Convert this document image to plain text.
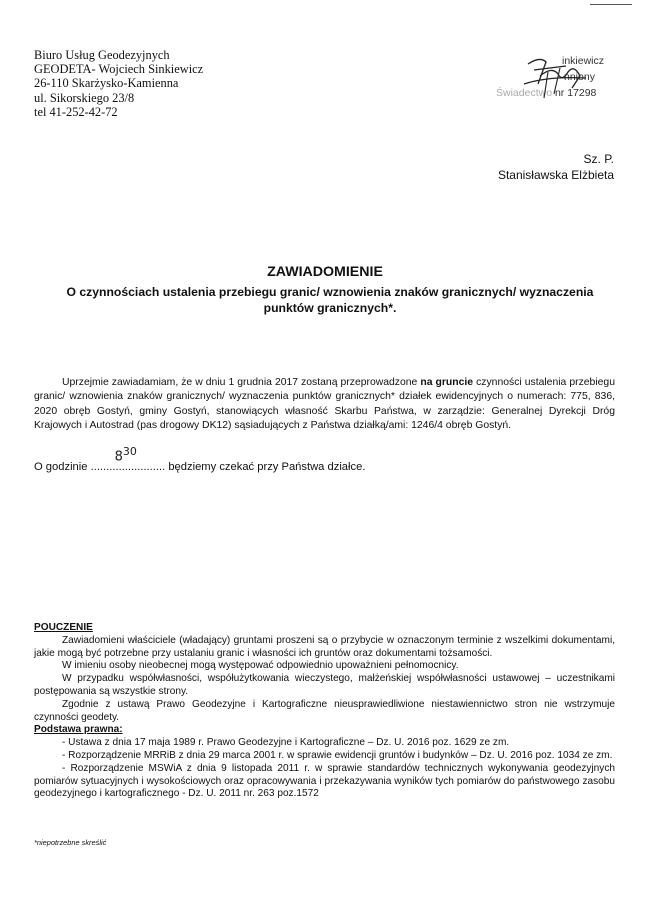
Biuro Usług Geodezyjnych
GEODETA- Wojciech Sinkiewicz
26-110 Skarżysko-Kamienna
ul. Sikorskiego 23/8
tel 41-252-42-72
inkiewicz
nniony
Świadectwo nr 17298
Sz. P.
Stanisławska Elżbieta
ZAWIADOMIENIE
O czynnościach ustalenia przebiegu granic/ wznowienia znaków granicznych/ wyznaczenia punktów granicznych*.

Uprzejmie zawiadamiam, że w dniu 1 grudnia 2017 zostaną przeprowadzone na gruncie czynności ustalenia przebiegu granic/ wznowienia znaków granicznych/ wyznaczenia punktów granicznych* działek ewidencyjnych o numerach: 775, 836, 2020 obręb Gostyń, gminy Gostyń, stanowiących własność Skarbu Państwa, w zarządzie: Generalnej Dyrekcji Dróg Krajowych i Autostrad (pas drogowy DK12) sąsiadujących z Państwa działką/ami: 1246/4 obręb Gostyń.

O godzinie ........................
$8^{30}$
będziemy czekać przy Państwa działce.

POUCZENIE

Zawiadomieni właściciele (władający) gruntami proszeni są o przybycie w oznaczonym terminie z wszelkimi dokumentami, jakie mogą być potrzebne przy ustalaniu granic i własności ich gruntów oraz dokumentami tożsamości.

W imieniu osoby nieobecnej mogą występować odpowiednio upoważnieni pełnomocnicy.

W przypadku współwłasności, współużytkowania wieczystego, małżeńskiej współwłasności ustawowej – uczestnikami postępowania są wszystkie strony.

Zgodnie z ustawą Prawo Geodezyjne i Kartograficzne nieusprawiedliwione niestawiennictwo stron nie wstrzymuje czynności geodety.

Podstawa prawna:

- Ustawa z dnia 17 maja 1989 r. Prawo Geodezyjne i Kartograficzne – Dz. U. 2016 poz. 1629 ze zm.

- Rozporządzenie MRRiB z dnia 29 marca 2001 r. w sprawie ewidencji gruntów i budynków – Dz. U. 2016 poz. 1034 ze zm.

- Rozporządzenie MSWiA z dnia 9 listopada 2011 r. w sprawie standardów technicznych wykonywania geodezyjnych pomiarów sytuacyjnych i wysokościowych oraz opracowywania i przekazywania wyników tych pomiarów do państwowego zasobu geodezyjnego i kartograficznego - Dz. U. 2011 nr. 263 poz.1572

*niepotrzebne skreślić
